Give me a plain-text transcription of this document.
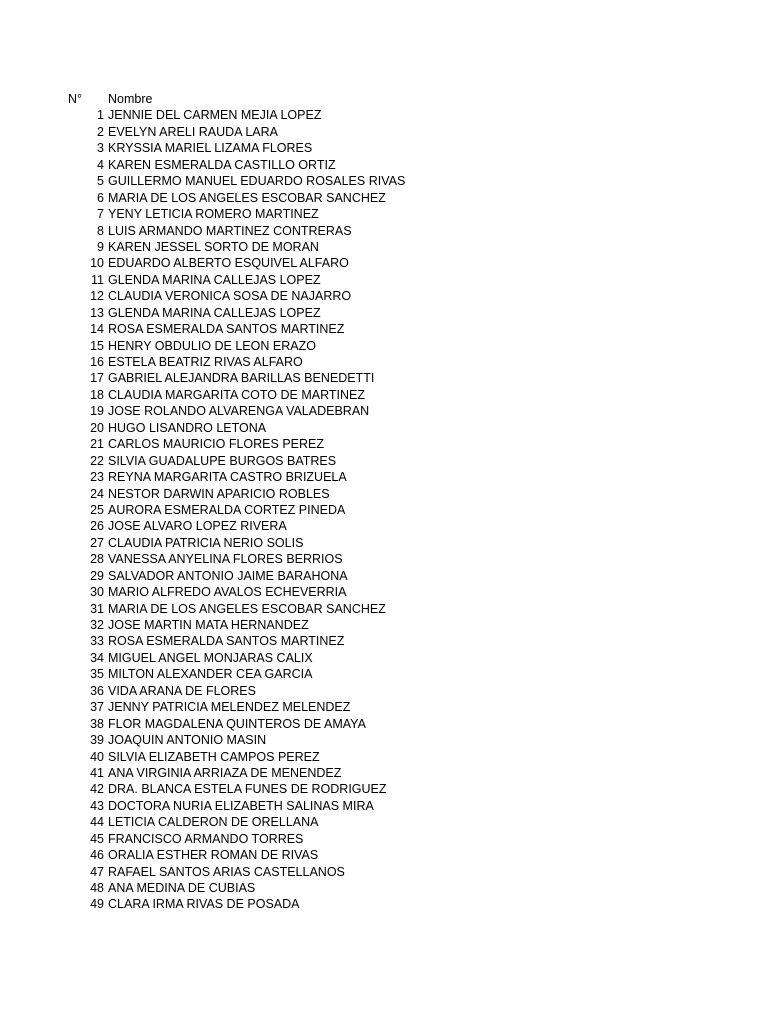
N°	Nombre
1 JENNIE DEL CARMEN MEJIA LOPEZ
2 EVELYN ARELI RAUDA LARA
3 KRYSSIA MARIEL LIZAMA FLORES
4 KAREN ESMERALDA CASTILLO ORTIZ
5 GUILLERMO MANUEL EDUARDO ROSALES RIVAS
6 MARIA DE LOS ANGELES ESCOBAR SANCHEZ
7 YENY LETICIA ROMERO MARTINEZ
8 LUIS ARMANDO MARTINEZ CONTRERAS
9 KAREN JESSEL SORTO DE MORAN
10 EDUARDO ALBERTO ESQUIVEL ALFARO
11 GLENDA MARINA CALLEJAS LOPEZ
12 CLAUDIA VERONICA SOSA DE NAJARRO
13 GLENDA MARINA CALLEJAS LOPEZ
14 ROSA ESMERALDA SANTOS MARTINEZ
15 HENRY OBDULIO DE LEON ERAZO
16 ESTELA BEATRIZ RIVAS ALFARO
17 GABRIEL ALEJANDRA BARILLAS BENEDETTI
18 CLAUDIA MARGARITA COTO DE MARTINEZ
19 JOSE ROLANDO ALVARENGA VALADEBRAN
20 HUGO LISANDRO LETONA
21 CARLOS MAURICIO FLORES PEREZ
22 SILVIA GUADALUPE BURGOS BATRES
23 REYNA MARGARITA CASTRO BRIZUELA
24 NESTOR DARWIN APARICIO ROBLES
25 AURORA ESMERALDA CORTEZ PINEDA
26 JOSE ALVARO LOPEZ RIVERA
27 CLAUDIA PATRICIA NERIO SOLIS
28 VANESSA ANYELINA FLORES BERRIOS
29 SALVADOR ANTONIO JAIME BARAHONA
30 MARIO ALFREDO AVALOS ECHEVERRIA
31 MARIA DE LOS ANGELES ESCOBAR SANCHEZ
32 JOSE MARTIN MATA HERNANDEZ
33 ROSA ESMERALDA SANTOS MARTINEZ
34 MIGUEL ANGEL MONJARAS CALIX
35 MILTON ALEXANDER CEA GARCIA
36 VIDA ARANA DE FLORES
37 JENNY PATRICIA MELENDEZ MELENDEZ
38 FLOR MAGDALENA QUINTEROS DE AMAYA
39 JOAQUIN ANTONIO MASIN
40 SILVIA ELIZABETH CAMPOS PEREZ
41 ANA VIRGINIA ARRIAZA DE MENENDEZ
42 DRA. BLANCA ESTELA FUNES DE RODRIGUEZ
43 DOCTORA NURIA ELIZABETH SALINAS MIRA
44 LETICIA CALDERON DE ORELLANA
45 FRANCISCO ARMANDO TORRES
46 ORALIA ESTHER ROMAN DE RIVAS
47 RAFAEL SANTOS ARIAS CASTELLANOS
48 ANA MEDINA DE CUBIAS
49 CLARA IRMA RIVAS DE POSADA
